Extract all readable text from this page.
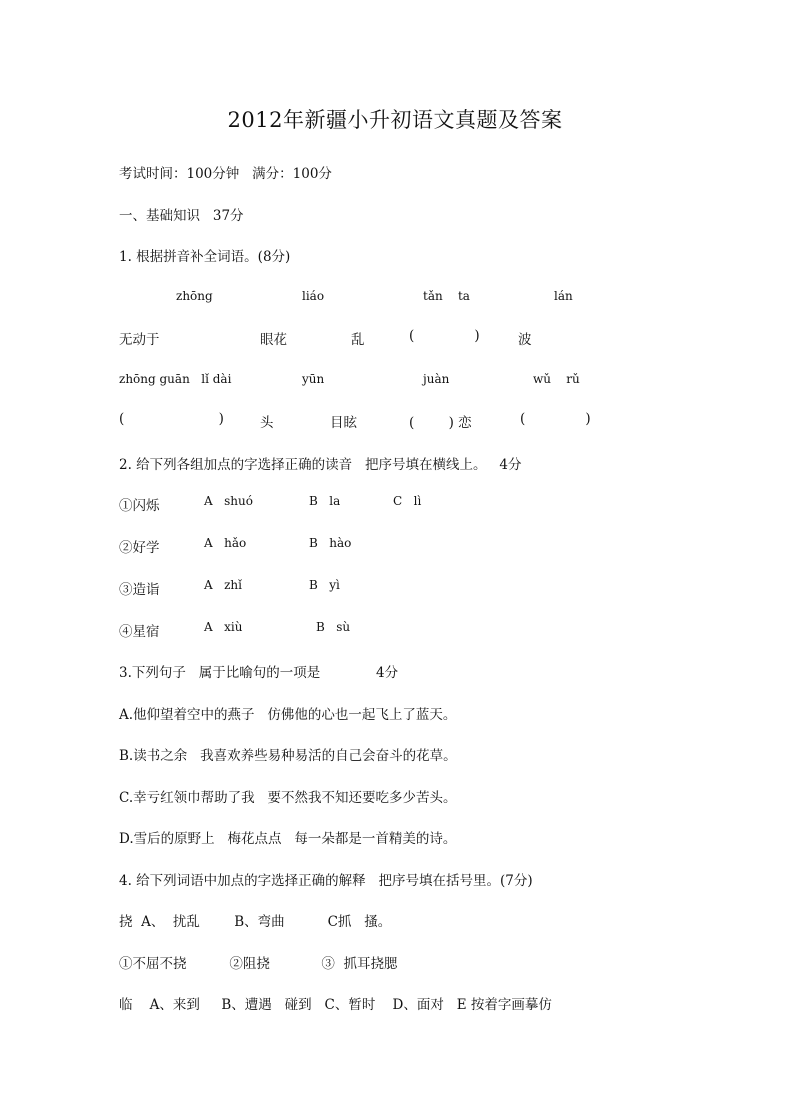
2012年新疆小升初语文真题及答案
考试时间：100分钟   满分：100分
一、基础知识   37分
1. 根据拼音补全词语。(8分)
zhōng	liáo	tǎn    ta	lán
无动于	眼花	乱	(              )	波
zhōng guān   lǐ dài	yūn	juàn	wǔ    rǔ
(                      )	头	目眩	(        ) 恋	(              )
2. 给下列各组加点的字选择正确的读音   把序号填在横线上。   4分
①闪烁	A   shuó	B   la	C   lì
②好学	A   hǎo	B   hào
③造诣	A   zhǐ	B   yì
④星宿	A   xiù	B   sù
3.下列句子   属于比喻句的一项是             4分
A.他仰望着空中的燕子   仿佛他的心也一起飞上了蓝天。
B.读书之余   我喜欢养些易种易活的自己会奋斗的花草。
C.幸亏红领巾帮助了我   要不然我不知还要吃多少苦头。
D.雪后的原野上   梅花点点   每一朵都是一首精美的诗。
4. 给下列词语中加点的字选择正确的解释   把序号填在括号里。(7分)
挠  A、  扰乱        B、弯曲          C抓   搔。
①不屈不挠          ②阻挠            ③  抓耳挠腮
临    A、来到     B、遭遇   碰到   C、暂时    D、面对   E 按着字画摹仿
